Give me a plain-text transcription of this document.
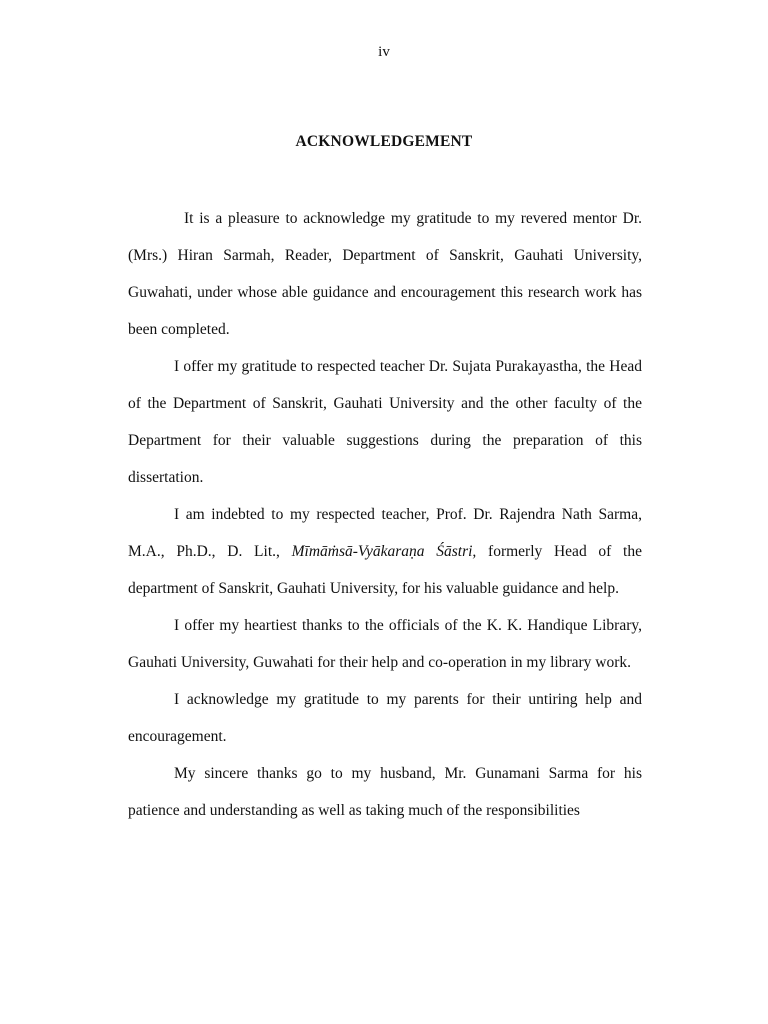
iv
ACKNOWLEDGEMENT

It is a pleasure to acknowledge my gratitude to my revered mentor Dr. (Mrs.) Hiran Sarmah, Reader, Department of Sanskrit, Gauhati University, Guwahati, under whose able guidance and encouragement this research work has been completed.

I offer my gratitude to respected teacher Dr. Sujata Purakayastha, the Head of the Department of Sanskrit, Gauhati University and the other faculty of the Department for their valuable suggestions during the preparation of this dissertation.

I am indebted to my respected teacher, Prof. Dr. Rajendra Nath Sarma, M.A., Ph.D., D. Lit., Mīmāṁsā-Vyākaraṇa Śāstri, formerly Head of the department of Sanskrit, Gauhati University, for his valuable guidance and help.

I offer my heartiest thanks to the officials of the K. K. Handique Library, Gauhati University, Guwahati for their help and co-operation in my library work.

I acknowledge my gratitude to my parents for their untiring help and encouragement.

My sincere thanks go to my husband, Mr. Gunamani Sarma for his patience and understanding as well as taking much of the responsibilities
